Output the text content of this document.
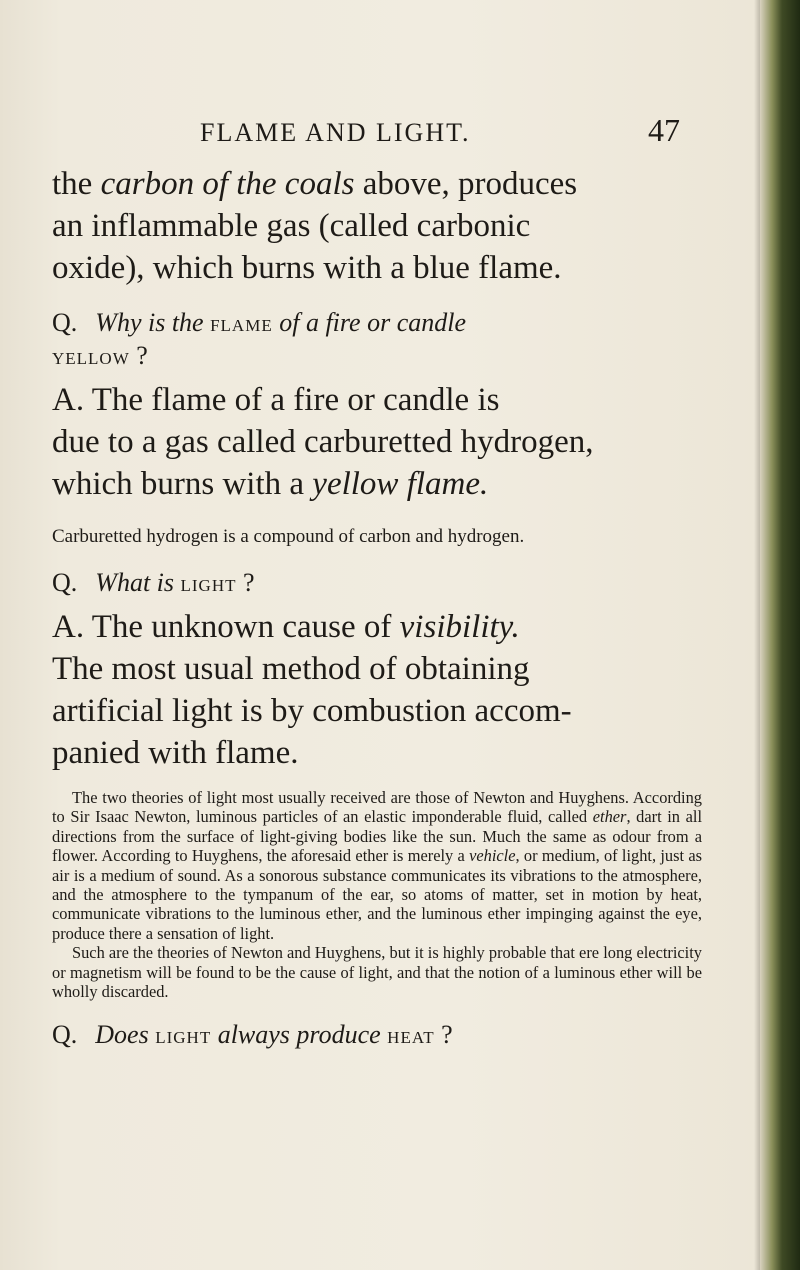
FLAME AND LIGHT.	47

the carbon of the coals above, produces
an inflammable gas (called carbonic
oxide), which burns with a blue flame.

Q. Why is the flame of a fire or candle
yellow ?

A. The flame of a fire or candle is
due to a gas called carburetted hydrogen,
which burns with a yellow flame.

Carburetted hydrogen is a compound of carbon and hydrogen.

Q. What is light ?

A. The unknown cause of visibility.
The most usual method of obtaining
artificial light is by combustion accom-
panied with flame.

The two theories of light most usually received are those of Newton and Huyghens. According to Sir Isaac Newton, luminous particles of an elastic imponderable fluid, called ether, dart in all directions from the surface of light-giving bodies like the sun. Much the same as odour from a flower. According to Huyghens, the aforesaid ether is merely a vehicle, or medium, of light, just as air is a medium of sound. As a sonorous substance communicates its vibrations to the atmosphere, and the atmosphere to the tympanum of the ear, so atoms of matter, set in motion by heat, communicate vibrations to the luminous ether, and the luminous ether impinging against the eye, produce there a sensation of light.

Such are the theories of Newton and Huyghens, but it is highly probable that ere long electricity or magnetism will be found to be the cause of light, and that the notion of a luminous ether will be wholly discarded.

Q. Does light always produce heat ?
